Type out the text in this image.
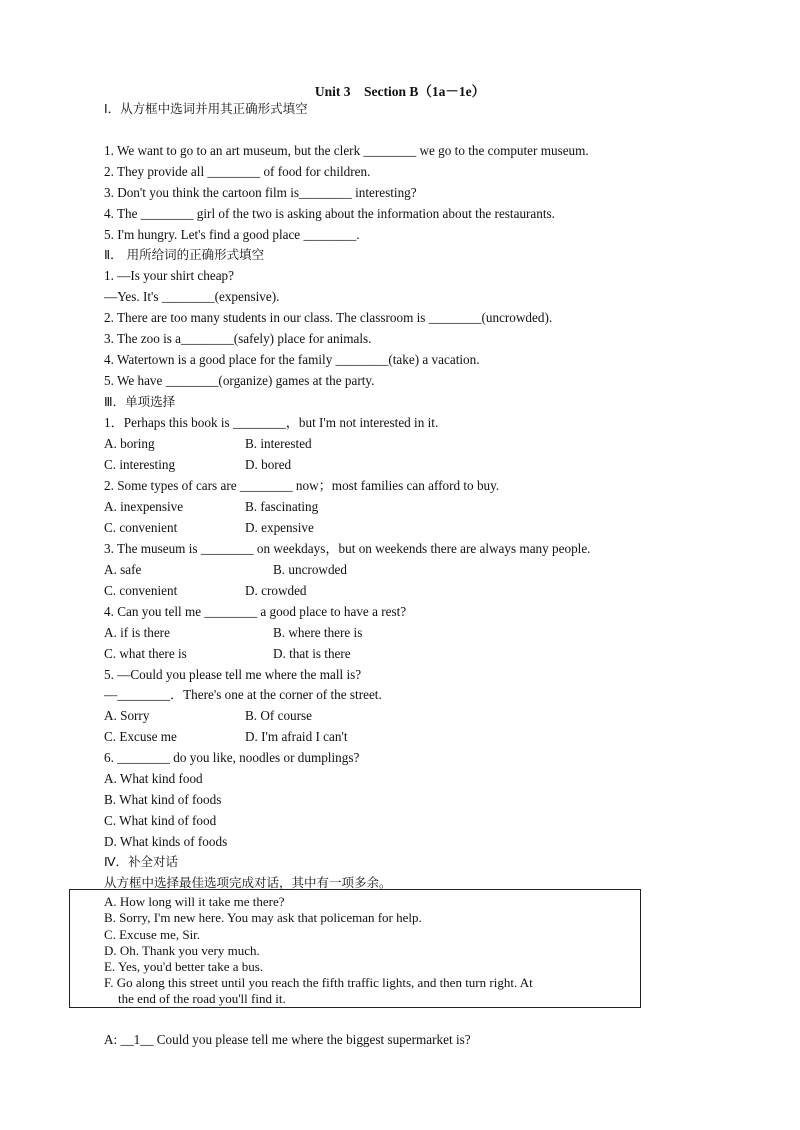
Unit 3　Section B（1a－1e）
Ⅰ．从方框中选词并用其正确形式填空
1. We want to go to an art museum, but the clerk ________ we go to the computer museum.
2. They provide all ________ of food for children.
3. Don't you think the cartoon film is________ interesting?
4. The ________ girl of the two is asking about the information about the restaurants.
5. I'm hungry. Let's find a good place ________.
Ⅱ． 用所给词的正确形式填空
1. —Is your shirt cheap?
—Yes. It's ________(expensive).
2. There are too many students in our class. The classroom is ________(uncrowded).
3. The zoo is a________(safely) place for animals.
4. Watertown is a good place for the family ________(take) a vacation.
5. We have ________(organize) games at the party.
Ⅲ．单项选择
1．Perhaps this book is ________，but I'm not interested in it.
A. boring	B. interested
C. interesting	D. bored
2. Some types of cars are ________ now；most families can afford to buy.
A. inexpensive	B. fascinating
C. convenient	D. expensive
3. The museum is ________ on weekdays，but on weekends there are always many people.
A. safe	B. uncrowded
C. convenient	D. crowded
4. Can you tell me ________ a good place to have a rest?
A. if is there	B. where there is
C. what there is	D. that is there
5. —Could you please tell me where the mall is?
—________．There's one at the corner of the street.
A. Sorry	B. Of course
C. Excuse me	D. I'm afraid I can't
6. ________ do you like, noodles or dumplings?
A. What kind food
B. What kind of foods
C. What kind of food
D. What kinds of foods
Ⅳ．补全对话
从方框中选择最佳选项完成对话，其中有一项多余。
A. How long will it take me there?
B. Sorry, I'm new here. You may ask that policeman for help.
C. Excuse me, Sir.
D. Oh. Thank you very much.
E. Yes, you'd better take a bus.
F. Go along this street until you reach the fifth traffic lights, and then turn right. At
the end of the road you'll find it.
A: __1__ Could you please tell me where the biggest supermarket is?
